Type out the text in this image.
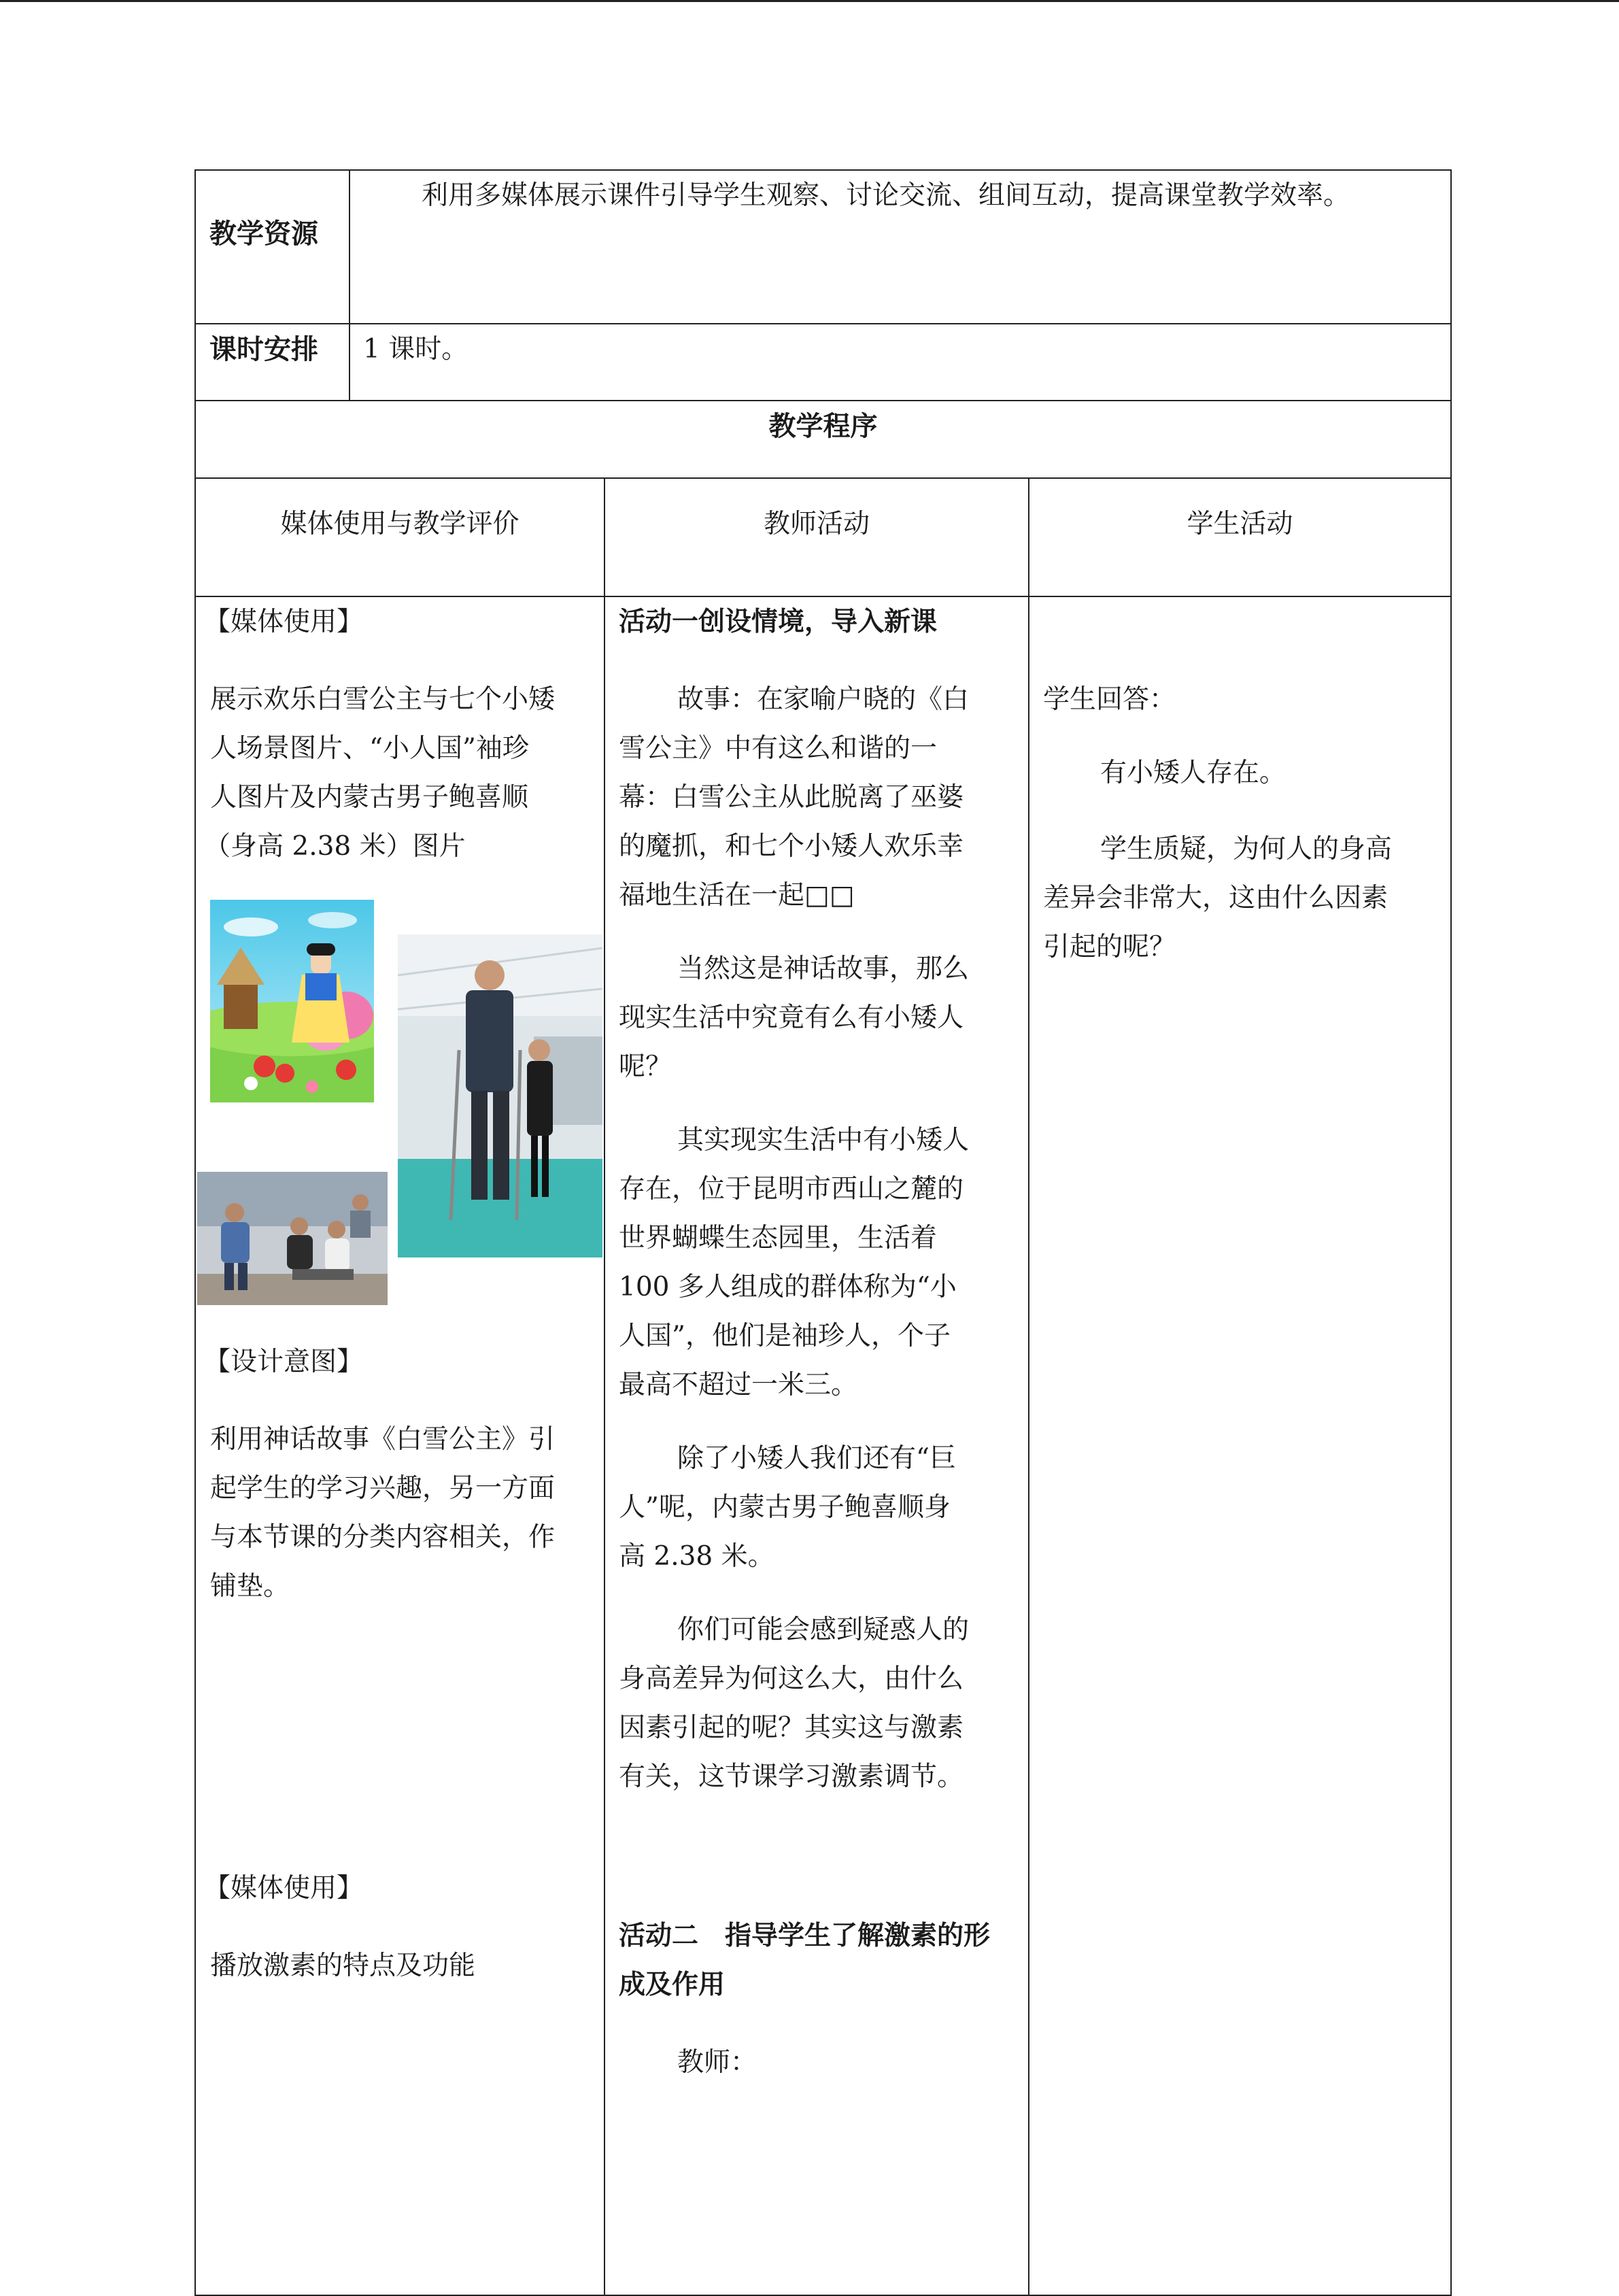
教学资源
利用多媒体展示课件引导学生观察、讨论交流、组间互动，提高课堂教学效率。
课时安排 1 课时。
教学程序
媒体使用与教学评价	教师活动	学生活动
【媒体使用】
展示欢乐白雪公主与七个小矮
人场景图片、“小人国”袖珍
人图片及内蒙古男子鲍喜顺
（身高 2.38 米）图片
【设计意图】
利用神话故事《白雪公主》引
起学生的学习兴趣，另一方面
与本节课的分类内容相关，作
铺垫。
【媒体使用】
播放激素的特点及功能
活动一创设情境，导入新课
故事：在家喻户晓的《白
雪公主》中有这么和谐的一
幕：白雪公主从此脱离了巫婆
的魔抓，和七个小矮人欢乐幸
福地生活在一起□□
当然这是神话故事，那么
现实生活中究竟有么有小矮人
呢？
其实现实生活中有小矮人
存在，位于昆明市西山之麓的
世界蝴蝶生态园里，生活着
100 多人组成的群体称为“小
人国”，他们是袖珍人，个子
最高不超过一米三。
除了小矮人我们还有“巨
人”呢，内蒙古男子鲍喜顺身
高 2.38 米。
你们可能会感到疑惑人的
身高差异为何这么大，由什么
因素引起的呢？其实这与激素
有关，这节课学习激素调节。
活动二　指导学生了解激素的形
成及作用
教师：
学生回答：
有小矮人存在。
学生质疑，为何人的身高
差异会非常大，这由什么因素
引起的呢？
